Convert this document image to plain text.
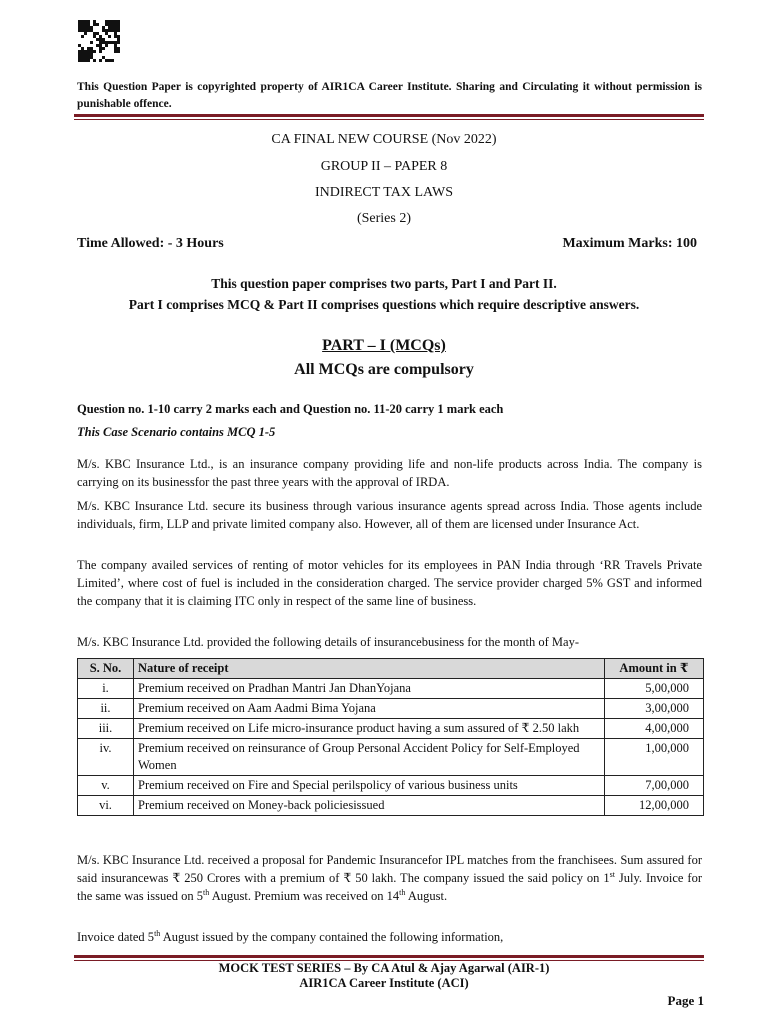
This Question Paper is copyrighted property of AIR1CA Career Institute. Sharing and Circulating it without permission is punishable offence.
CA FINAL NEW COURSE (Nov 2022)
GROUP II – PAPER 8
INDIRECT TAX LAWS
(Series 2)
Time Allowed: - 3 Hours	Maximum Marks: 100
This question paper comprises two parts, Part I and Part II.
Part I comprises MCQ & Part II comprises questions which require descriptive answers.
PART – I (MCQs)
All MCQs are compulsory
Question no. 1-10 carry 2 marks each and Question no. 11-20 carry 1 mark each
This Case Scenario contains MCQ 1-5
M/s. KBC Insurance Ltd., is an insurance company providing life and non-life products across India. The company is carrying on its businessfor the past three years with the approval of IRDA.
M/s. KBC Insurance Ltd. secure its business through various insurance agents spread across India. Those agents include individuals, firm, LLP and private limited company also. However, all of them are licensed under Insurance Act.
The company availed services of renting of motor vehicles for its employees in PAN India through ‘RR Travels Private Limited’, where cost of fuel is included in the consideration charged. The service provider charged 5% GST and informed the company that it is claiming ITC only in respect of the same line of business.
M/s. KBC Insurance Ltd. provided the following details of insurancebusiness for the month of May-
S. No.	Nature of receipt	Amount in ₹
i.	Premium received on Pradhan Mantri Jan DhanYojana	5,00,000
ii.	Premium received on Aam Aadmi Bima Yojana	3,00,000
iii.	Premium received on Life micro-insurance product having a sum assured of ₹ 2.50 lakh	4,00,000
iv.	Premium received on reinsurance of Group Personal Accident Policy for Self-Employed Women	1,00,000
v.	Premium received on Fire and Special perilspolicy of various business units	7,00,000
vi.	Premium received on Money-back policiesissued	12,00,000
M/s. KBC Insurance Ltd. received a proposal for Pandemic Insurancefor IPL matches from the franchisees. Sum assured for said insurancewas ₹ 250 Crores with a premium of ₹ 50 lakh. The company issued the said policy on 1st July. Invoice for the same was issued on 5th August. Premium was received on 14th August.
Invoice dated 5th August issued by the company contained the following information,
MOCK TEST SERIES – By CA Atul & Ajay Agarwal (AIR-1)
AIR1CA Career Institute (ACI)
Page 1
